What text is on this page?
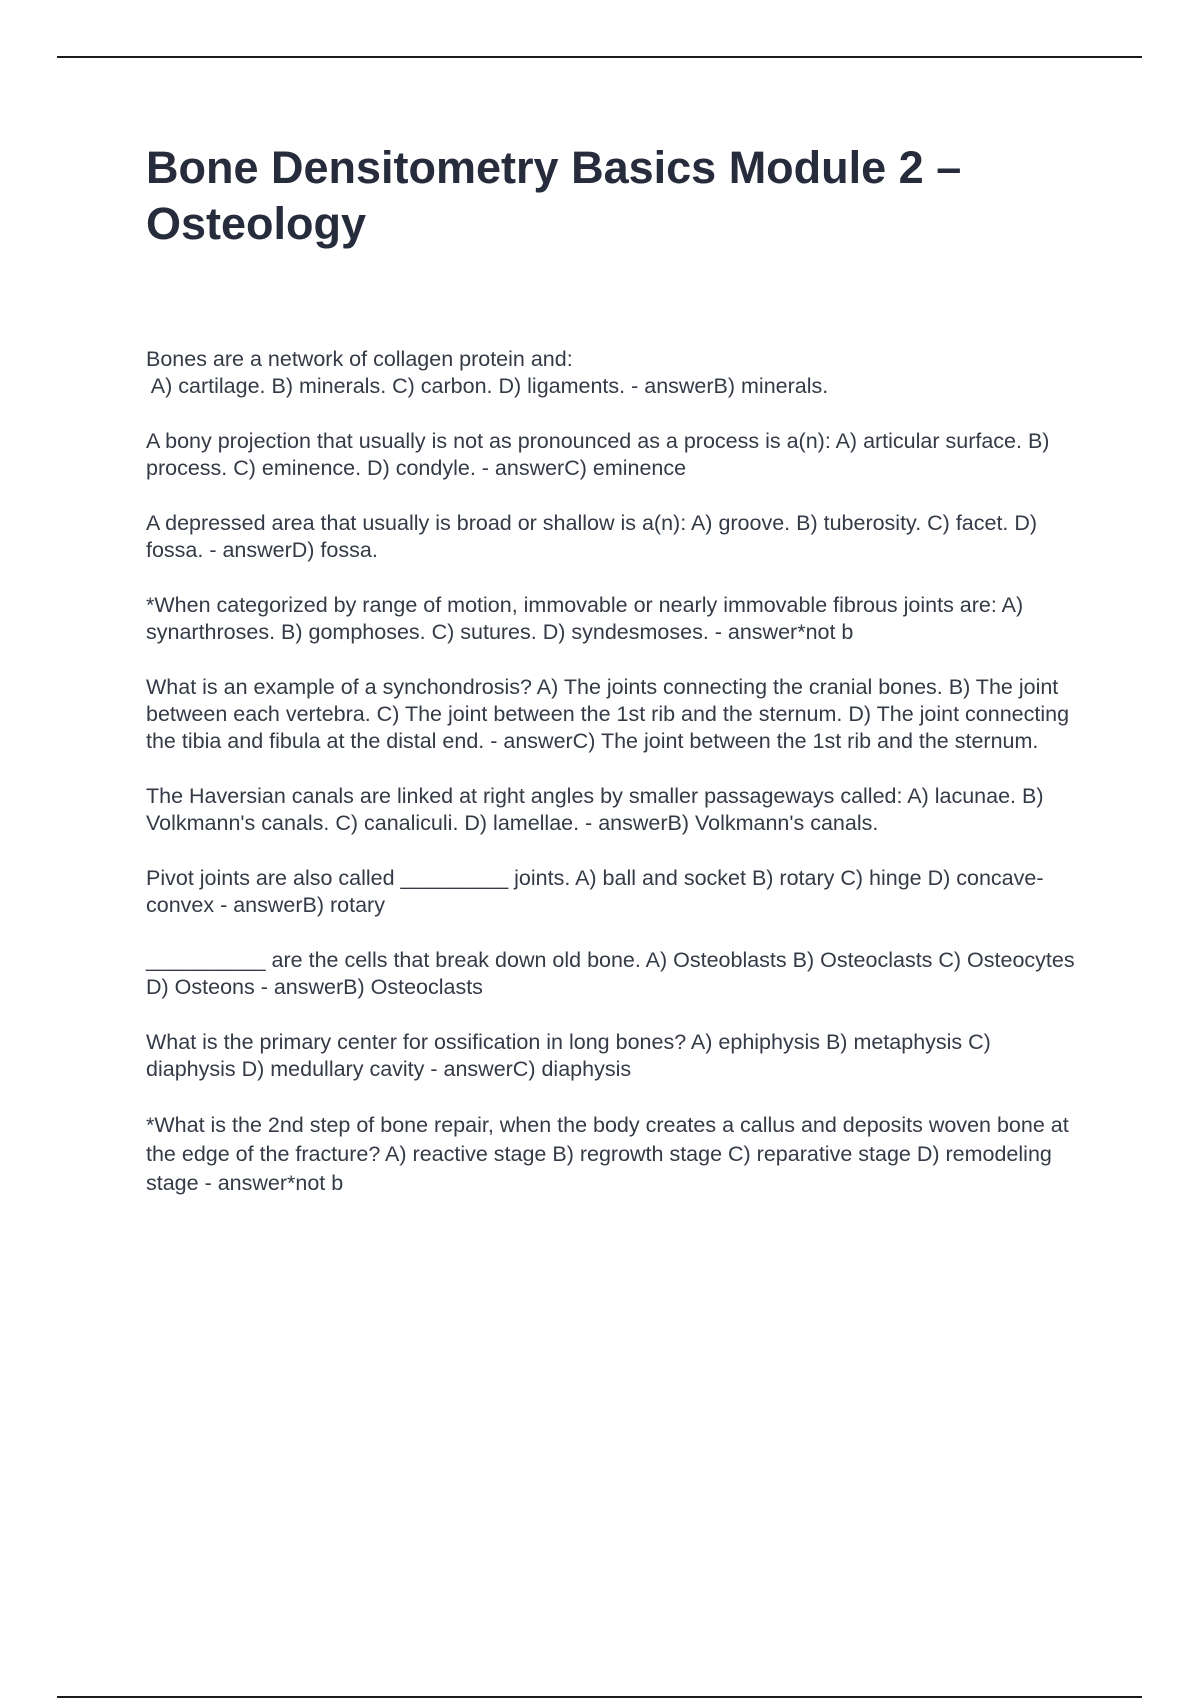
Bone Densitometry Basics Module 2 –
Osteology

Bones are a network of collagen protein and:
A) cartilage. B) minerals. C) carbon. D) ligaments. - answerB) minerals.

A bony projection that usually is not as pronounced as a process is a(n): A) articular surface. B) process. C) eminence. D) condyle. - answerC) eminence

A depressed area that usually is broad or shallow is a(n): A) groove. B) tuberosity. C) facet. D) fossa. - answerD) fossa.

*When categorized by range of motion, immovable or nearly immovable fibrous joints are: A) synarthroses. B) gomphoses. C) sutures. D) syndesmoses. - answer*not b

What is an example of a synchondrosis? A) The joints connecting the cranial bones. B) The joint between each vertebra. C) The joint between the 1st rib and the sternum. D) The joint connecting the tibia and fibula at the distal end. - answerC) The joint between the 1st rib and the sternum.

The Haversian canals are linked at right angles by smaller passageways called: A) lacunae. B) Volkmann's canals. C) canaliculi. D) lamellae. - answerB) Volkmann's canals.

Pivot joints are also called _________ joints. A) ball and socket B) rotary C) hinge D) concave-convex - answerB) rotary

__________ are the cells that break down old bone. A) Osteoblasts B) Osteoclasts C) Osteocytes D) Osteons - answerB) Osteoclasts

What is the primary center for ossification in long bones? A) ephiphysis B) metaphysis C) diaphysis D) medullary cavity - answerC) diaphysis

*What is the 2nd step of bone repair, when the body creates a callus and deposits woven bone at the edge of the fracture? A) reactive stage B) regrowth stage C) reparative stage D) remodeling stage - answer*not b
